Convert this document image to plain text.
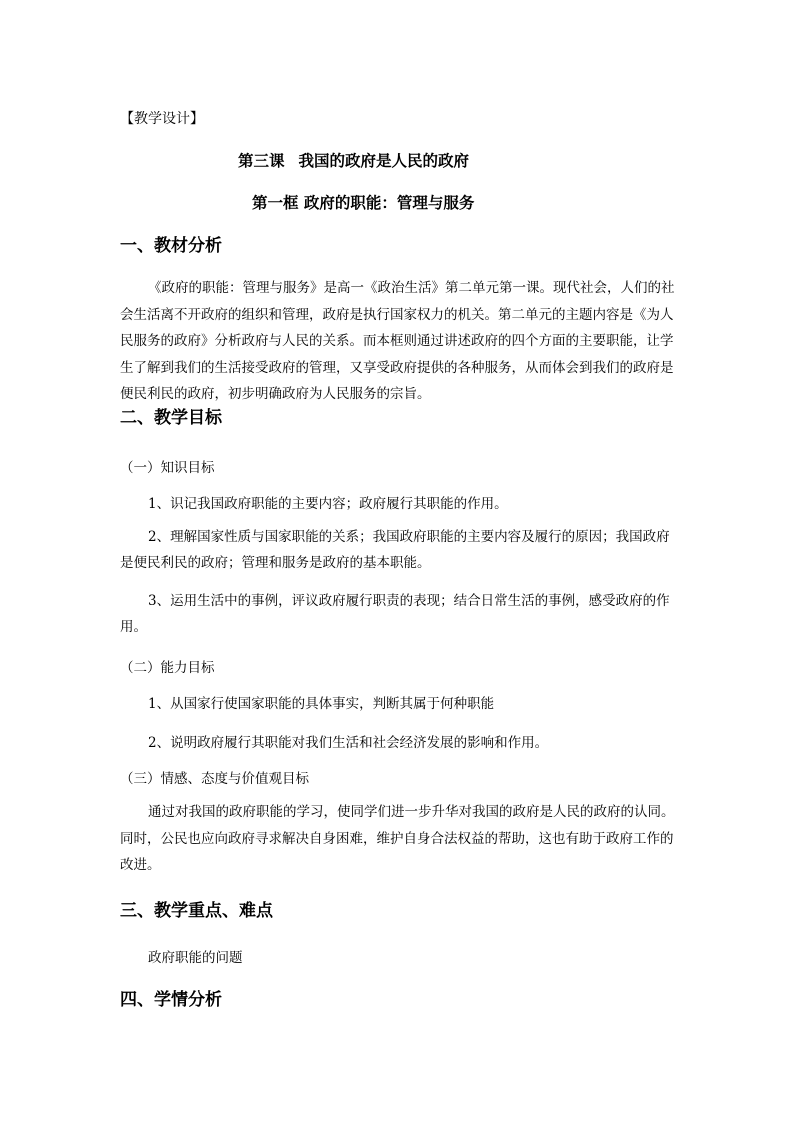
【教学设计】
第三课 我国的政府是人民的政府
第一框 政府的职能：管理与服务
一、教材分析

《政府的职能：管理与服务》是高一《政治生活》第二单元第一课。现代社会，人们的社会生活离不开政府的组织和管理，政府是执行国家权力的机关。第二单元的主题内容是《为人民服务的政府》分析政府与人民的关系。而本框则通过讲述政府的四个方面的主要职能，让学生了解到我们的生活接受政府的管理，又享受政府提供的各种服务，从而体会到我们的政府是便民利民的政府，初步明确政府为人民服务的宗旨。

二、教学目标
（一）知识目标
1、识记我国政府职能的主要内容；政府履行其职能的作用。

2、理解国家性质与国家职能的关系；我国政府职能的主要内容及履行的原因；我国政府是便民利民的政府；管理和服务是政府的基本职能。

3、运用生活中的事例，评议政府履行职责的表现；结合日常生活的事例，感受政府的作用。

（二）能力目标
1、从国家行使国家职能的具体事实，判断其属于何种职能
2、说明政府履行其职能对我们生活和社会经济发展的影响和作用。
（三）情感、态度与价值观目标

通过对我国的政府职能的学习，使同学们进一步升华对我国的政府是人民的政府的认同。同时，公民也应向政府寻求解决自身困难，维护自身合法权益的帮助，这也有助于政府工作的改进。

三、教学重点、难点
政府职能的问题
四、学情分析
